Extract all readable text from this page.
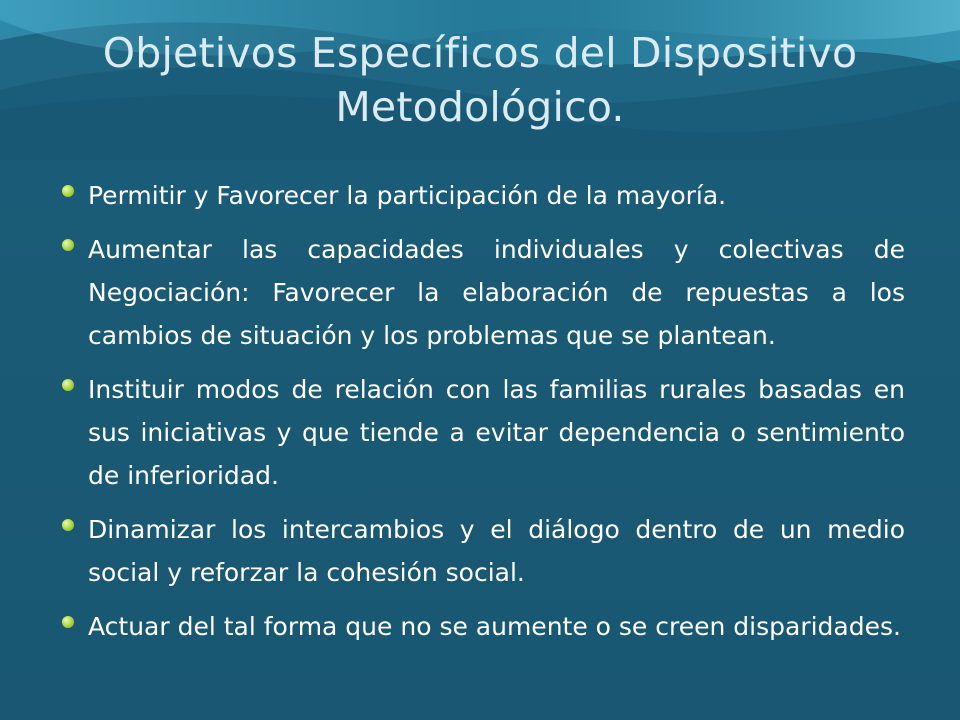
Objetivos Específicos del Dispositivo
Metodológico.
Permitir y Favorecer la participación de la mayoría.
Aumentar las capacidades individuales y colectivas de Negociación: Favorecer la elaboración de repuestas a los cambios de situación y los problemas que se plantean.
Instituir modos de relación con las familias rurales basadas en sus iniciativas y que tiende a evitar dependencia o sentimiento de inferioridad.
Dinamizar los intercambios y el diálogo dentro de un medio social y reforzar la cohesión social.
Actuar del tal forma que no se aumente o se creen disparidades.
